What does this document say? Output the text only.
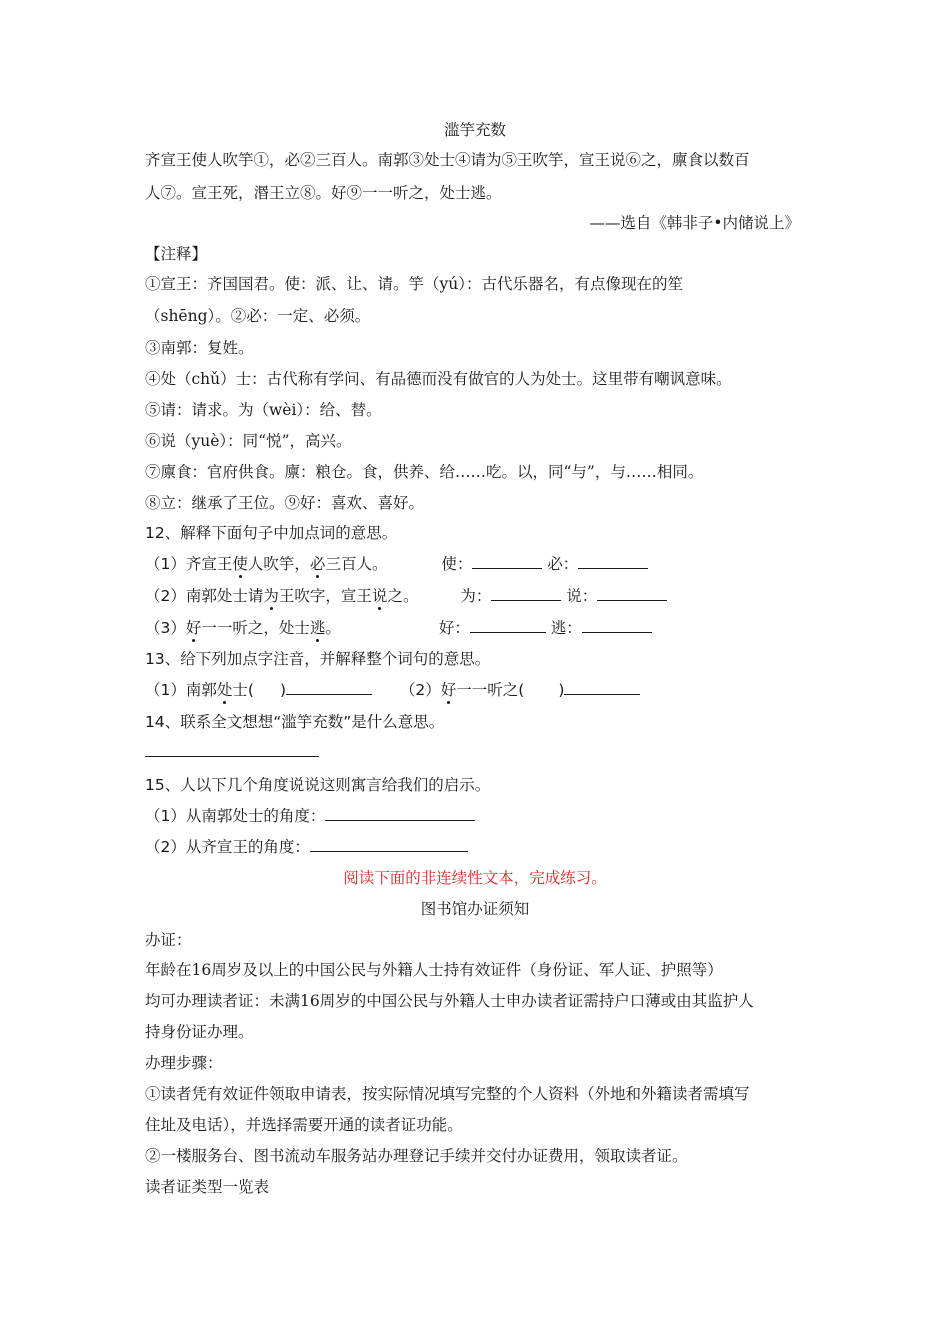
滥竽充数
齐宣王使人吹竽①，必②三百人。南郭③处士④请为⑤王吹竽，宣王说⑥之，廪食以数百
人⑦。宣王死，湣王立⑧。好⑨一一听之，处士逃。
——选自《韩非子•内储说上》
【注释】
①宣王：齐国国君。使：派、让、请。竽（yú）：古代乐器名，有点像现在的笙
（shēng）。②必：一定、必须。
③南郭：复姓。
④处（chǔ）士：古代称有学问、有品德而没有做官的人为处士。这里带有嘲讽意味。
⑤请：请求。为（wèi）：给、替。
⑥说（yuè）：同“悦”，高兴。
⑦廪食：官府供食。廪：粮仓。食，供养、给……吃。以，同“与”，与……相同。
⑧立：继承了王位。⑨好：喜欢、喜好。
12、解释下面句子中加点词的意思。
（1）齐宣王使人吹竽，必三百人。	使：	必：
（2）南郭处士请为王吹字，宣王说之。	为：	说：
（3）好一一听之，处士逃。	好：	逃：
13、给下列加点字注音，并解释整个词句的意思。
（1）南郭处士( )	（2）好一一听之( )
14、联系全文想想“滥竽充数”是什么意思。
15、人以下几个角度说说这则寓言给我们的启示。
（1）从南郭处士的角度：
（2）从齐宣王的角度：
阅读下面的非连续性文本，完成练习。
图书馆办证须知
办证：
年龄在16周岁及以上的中国公民与外籍人士持有效证件（身份证、军人证、护照等）
均可办理读者证：未满16周岁的中国公民与外籍人士申办读者证需持户口薄或由其监护人
持身份证办理。
办理步骤：
①读者凭有效证件领取申请表，按实际情况填写完整的个人资料（外地和外籍读者需填写
住址及电话），并选择需要开通的读者证功能。
②一楼服务台、图书流动车服务站办理登记手续并交付办证费用，领取读者证。
读者证类型一览表
